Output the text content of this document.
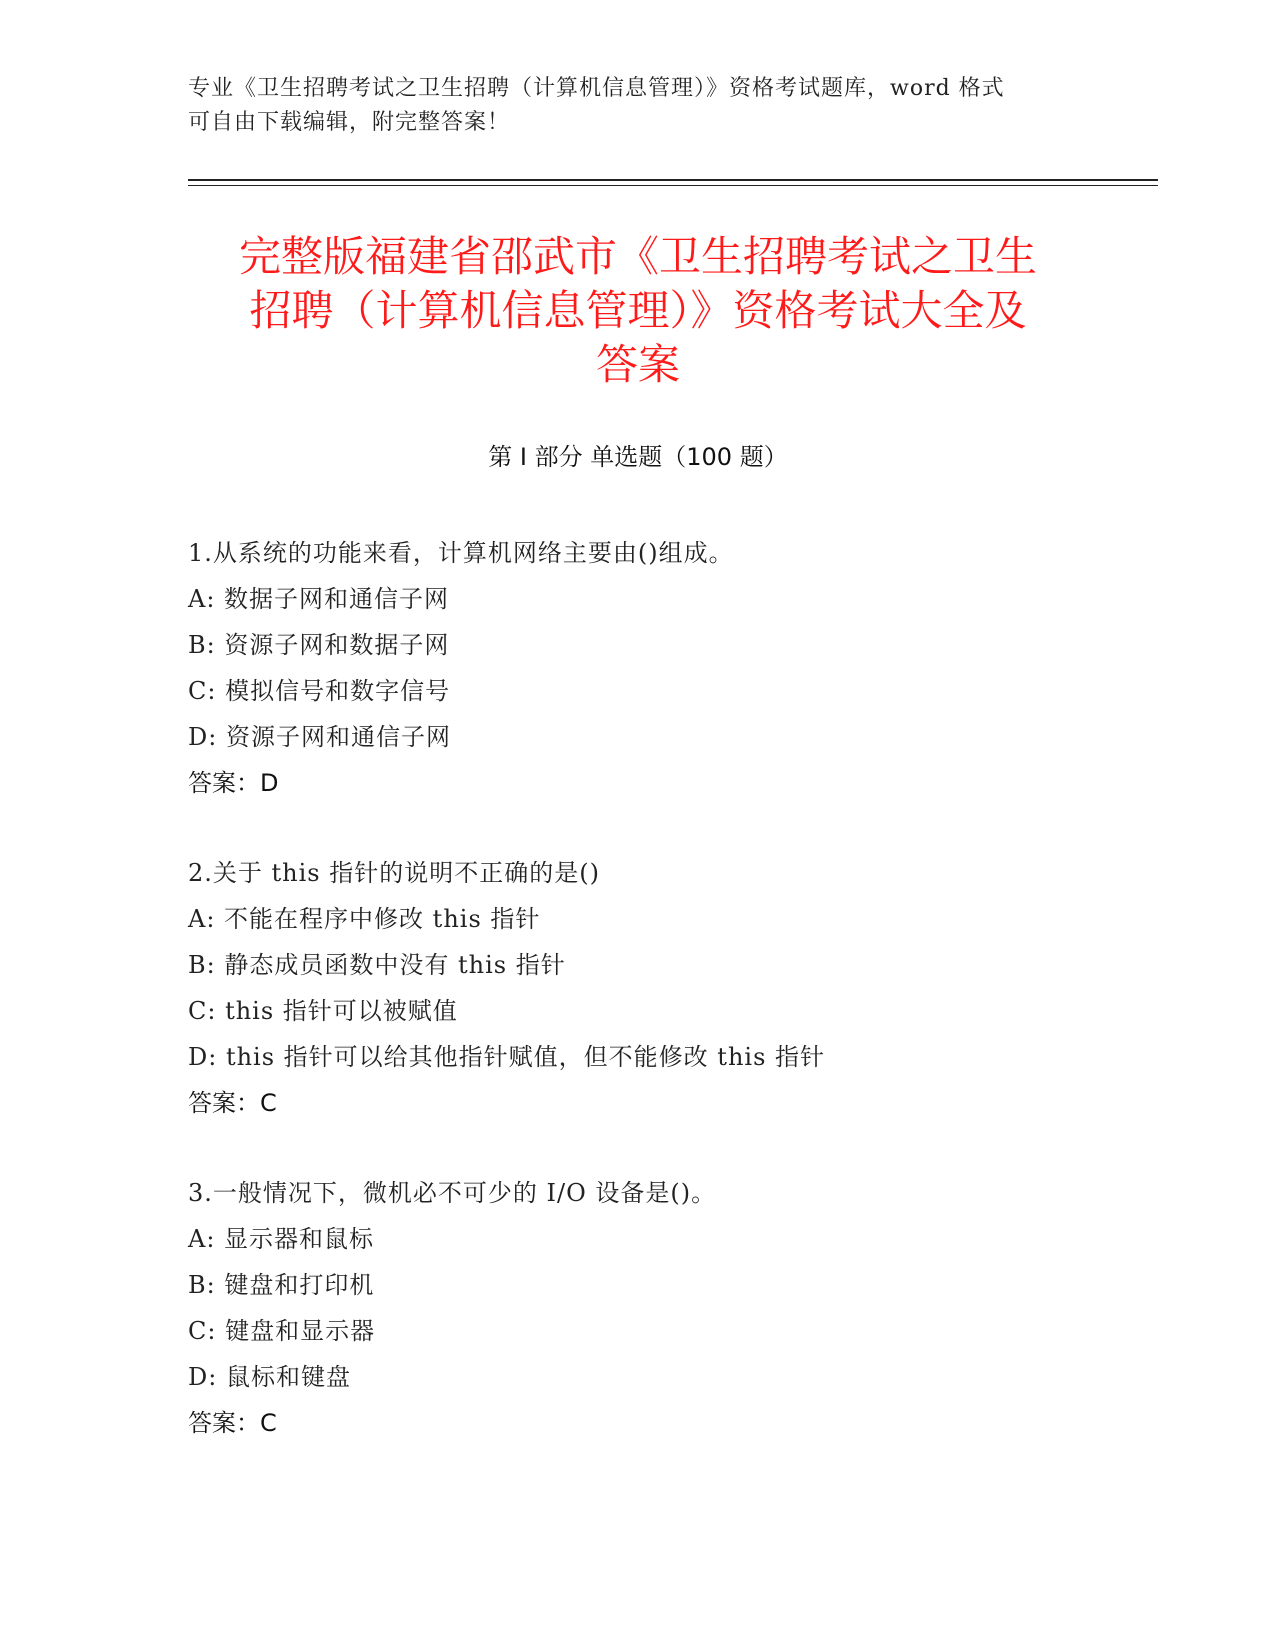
专业《卫生招聘考试之卫生招聘（计算机信息管理）》资格考试题库，word 格式
可自由下载编辑，附完整答案！
完整版福建省邵武市《卫生招聘考试之卫生
招聘（计算机信息管理）》资格考试大全及
答案
第 I 部分 单选题（100 题）
1.从系统的功能来看，计算机网络主要由()组成。
A: 数据子网和通信子网
B: 资源子网和数据子网
C: 模拟信号和数字信号
D: 资源子网和通信子网
答案：D
2.关于 this 指针的说明不正确的是()
A: 不能在程序中修改 this 指针
B: 静态成员函数中没有 this 指针
C: this 指针可以被赋值
D: this 指针可以给其他指针赋值，但不能修改 this 指针
答案：C
3.一般情况下，微机必不可少的 I/O 设备是()。
A: 显示器和鼠标
B: 键盘和打印机
C: 键盘和显示器
D: 鼠标和键盘
答案：C
